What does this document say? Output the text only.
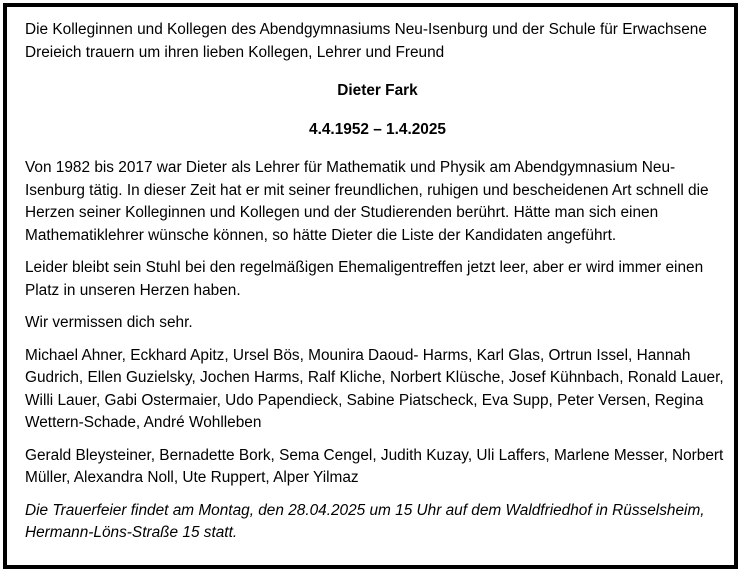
Die Kolleginnen und Kollegen des Abendgymnasiums Neu-Isenburg und der Schule für Erwachsene Dreieich trauern um ihren lieben Kollegen, Lehrer und Freund

Dieter Fark

4.4.1952 – 1.4.2025

Von 1982 bis 2017 war Dieter als Lehrer für Mathematik und Physik am Abendgymnasium Neu-Isenburg tätig. In dieser Zeit hat er mit seiner freundlichen, ruhigen und bescheidenen Art schnell die Herzen seiner Kolleginnen und Kollegen und der Studierenden berührt. Hätte man sich einen Mathematiklehrer wünsche können, so hätte Dieter die Liste der Kandidaten angeführt.

Leider bleibt sein Stuhl bei den regelmäßigen Ehemaligentreffen jetzt leer, aber er wird immer einen Platz in unseren Herzen haben.

Wir vermissen dich sehr.

Michael Ahner, Eckhard Apitz, Ursel Bös, Mounira Daoud- Harms, Karl Glas, Ortrun Issel, Hannah Gudrich, Ellen Guzielsky, Jochen Harms, Ralf Kliche, Norbert Klüsche, Josef Kühnbach, Ronald Lauer, Willi Lauer, Gabi Ostermaier, Udo Papendieck, Sabine Piatscheck, Eva Supp, Peter Versen, Regina Wettern-Schade, André Wohlleben

Gerald Bleysteiner, Bernadette Bork, Sema Cengel, Judith Kuzay, Uli Laffers, Marlene Messer, Norbert Müller, Alexandra Noll, Ute Ruppert, Alper Yilmaz

Die Trauerfeier findet am Montag, den 28.04.2025 um 15 Uhr auf dem Waldfriedhof in Rüsselsheim, Hermann-Löns-Straße 15 statt.
